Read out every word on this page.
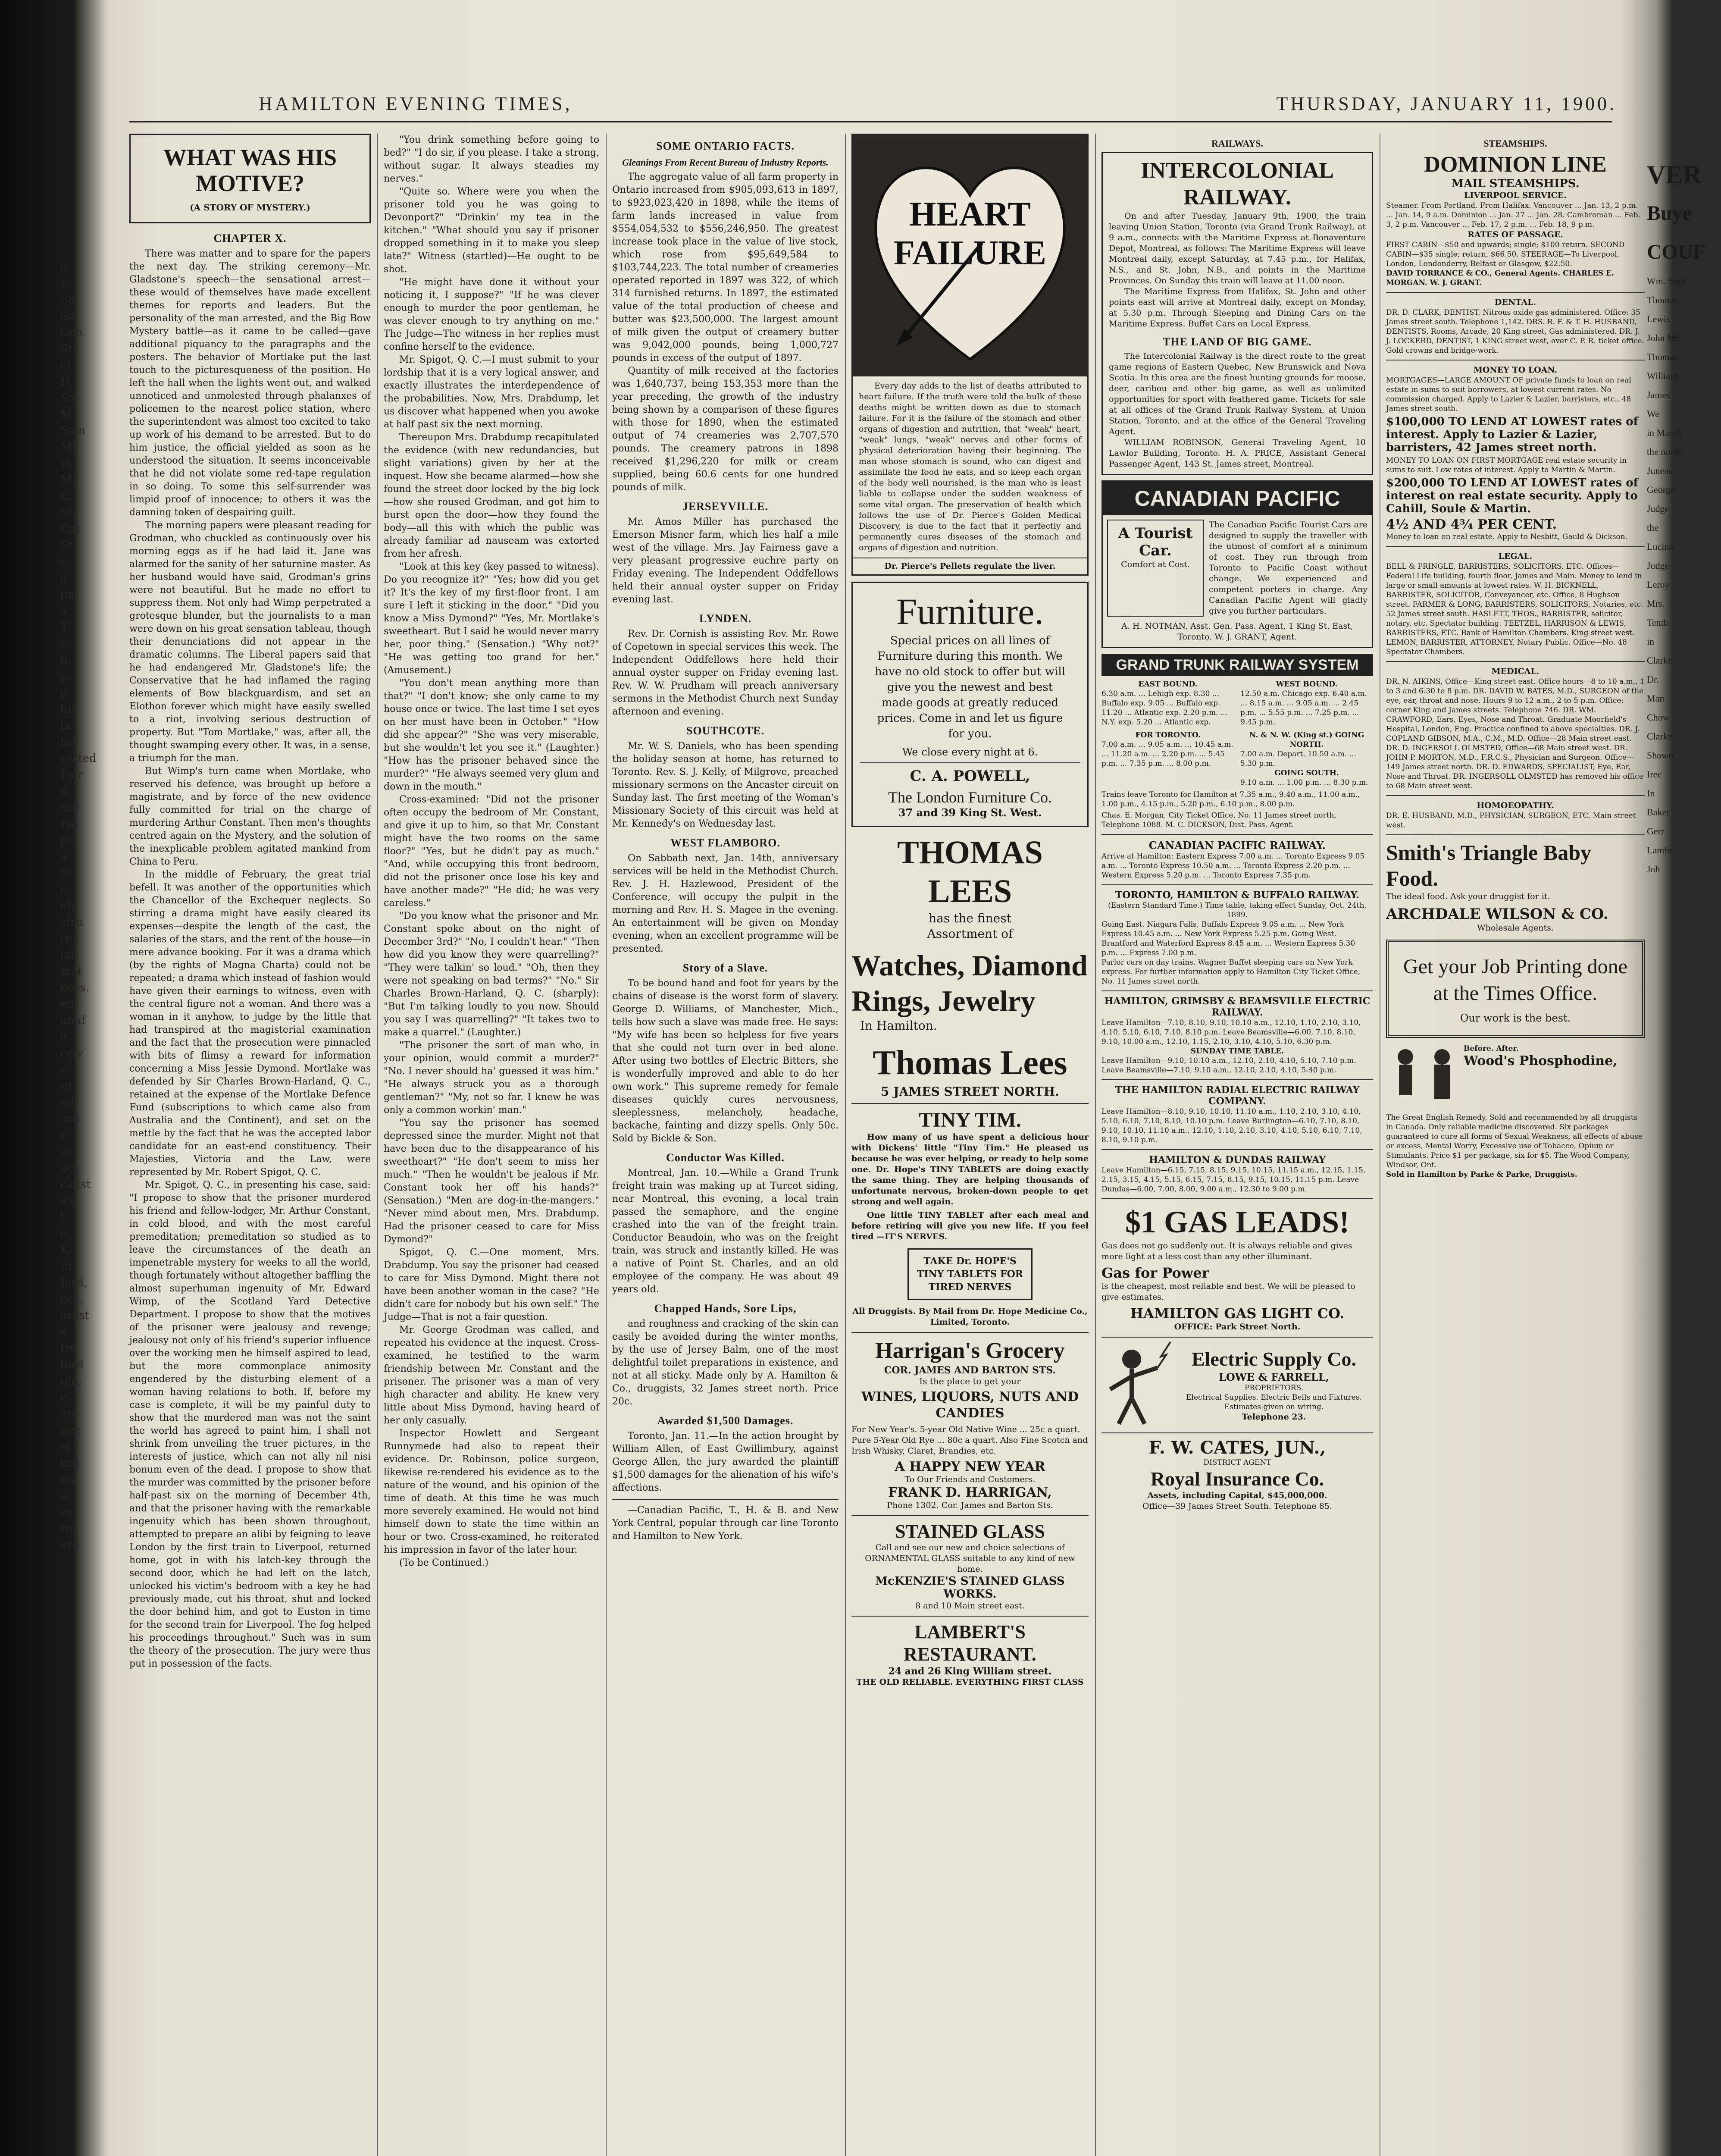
o
s.
Sa
Sa
Geo.
St.
el
H.
Su
M.
Sam
Mi
W.
M.
C.
St.
Cat
St.
s
d
pa
a
T.
s.
n,
p-
p
his
be
ful
rested
Fair
d.
ore
Fai
pe
a
to.
n,
eh.
stru
re
ial
mat
ness.
ed
anuf
e
ceiv
n
nf
ed
ord
r.
ac
uct
calist
e's
l
e
K-
tit
ford,
ork.
orest
e
tre
ford
gin,
e
an
nec
el
ind
nn
o,
es
ise
ors
HAMILTON EVENING TIMES,	THURSDAY, JANUARY 11, 1900.
WHAT WAS HIS MOTIVE?
(A STORY OF MYSTERY.)
CHAPTER X.

There was matter and to spare for the papers the next day. The striking ceremony—Mr. Gladstone's speech—the sensational arrest—these would of themselves have made excellent themes for reports and leaders. But the personality of the man arrested, and the Big Bow Mystery battle—as it came to be called—gave additional piquancy to the paragraphs and the posters. The behavior of Mortlake put the last touch to the picturesqueness of the position. He left the hall when the lights went out, and walked unnoticed and unmolested through phalanxes of policemen to the nearest police station, where the superintendent was almost too excited to take up work of his demand to be arrested. But to do him justice, the official yielded as soon as he understood the situation. It seems inconceivable that he did not violate some red-tape regulation in so doing. To some this self-surrender was limpid proof of innocence; to others it was the damning token of despairing guilt.

The morning papers were pleasant reading for Grodman, who chuckled as continuously over his morning eggs as if he had laid it. Jane was alarmed for the sanity of her saturnine master. As her husband would have said, Grodman's grins were not beautiful. But he made no effort to suppress them. Not only had Wimp perpetrated a grotesque blunder, but the journalists to a man were down on his great sensation tableau, though their denunciations did not appear in the dramatic columns. The Liberal papers said that he had endangered Mr. Gladstone's life; the Conservative that he had inflamed the raging elements of Bow blackguardism, and set an Elothon forever which might have easily swelled to a riot, involving serious destruction of property. But "Tom Mortlake," was, after all, the thought swamping every other. It was, in a sense, a triumph for the man.

But Wimp's turn came when Mortlake, who reserved his defence, was brought up before a magistrate, and by force of the new evidence fully committed for trial on the charge of murdering Arthur Constant. Then men's thoughts centred again on the Mystery, and the solution of the inexplicable problem agitated mankind from China to Peru.

In the middle of February, the great trial befell. It was another of the opportunities which the Chancellor of the Exchequer neglects. So stirring a drama might have easily cleared its expenses—despite the length of the cast, the salaries of the stars, and the rent of the house—in mere advance booking. For it was a drama which (by the rights of Magna Charta) could not be repeated; a drama which instead of fashion would have given their earnings to witness, even with the central figure not a woman. And there was a woman in it anyhow, to judge by the little that had transpired at the magisterial examination and the fact that the prosecution were pinnacled with bits of flimsy a reward for information concerning a Miss Jessie Dymond. Mortlake was defended by Sir Charles Brown-Harland, Q. C., retained at the expense of the Mortlake Defence Fund (subscriptions to which came also from Australia and the Continent), and set on the mettle by the fact that he was the accepted labor candidate for an east-end constituency. Their Majesties, Victoria and the Law, were represented by Mr. Robert Spigot, Q. C.

Mr. Spigot, Q. C., in presenting his case, said: "I propose to show that the prisoner murdered his friend and fellow-lodger, Mr. Arthur Constant, in cold blood, and with the most careful premeditation; premeditation so studied as to leave the circumstances of the death an impenetrable mystery for weeks to all the world, though fortunately without altogether baffling the almost superhuman ingenuity of Mr. Edward Wimp, of the Scotland Yard Detective Department. I propose to show that the motives of the prisoner were jealousy and revenge; jealousy not only of his friend's superior influence over the working men he himself aspired to lead, but the more commonplace animosity engendered by the disturbing element of a woman having relations to both. If, before my case is complete, it will be my painful duty to show that the murdered man was not the saint the world has agreed to paint him, I shall not shrink from unveiling the truer pictures, in the interests of justice, which can not ally nil nisi bonum even of the dead. I propose to show that the murder was committed by the prisoner before half-past six on the morning of December 4th, and that the prisoner having with the remarkable ingenuity which has been shown throughout, attempted to prepare an alibi by feigning to leave London by the first train to Liverpool, returned home, got in with his latch-key through the second door, which he had left on the latch, unlocked his victim's bedroom with a key he had previously made, cut his throat, shut and locked the door behind him, and got to Euston in time for the second train for Liverpool. The fog helped his proceedings throughout." Such was in sum the theory of the prosecution. The jury were thus put in possession of the facts.

"You drink something before going to bed?" "I do sir, if you please. I take a strong, without sugar. It always steadies my nerves."

"Quite so. Where were you when the prisoner told you he was going to Devonport?" "Drinkin' my tea in the kitchen." "What should you say if prisoner dropped something in it to make you sleep late?" Witness (startled)—He ought to be shot.

"He might have done it without your noticing it, I suppose?" "If he was clever enough to murder the poor gentleman, he was clever enough to try anything on me." The Judge—The witness in her replies must confine herself to the evidence.

Mr. Spigot, Q. C.—I must submit to your lordship that it is a very logical answer, and exactly illustrates the interdependence of the probabilities. Now, Mrs. Drabdump, let us discover what happened when you awoke at half past six the next morning.

Thereupon Mrs. Drabdump recapitulated the evidence (with new redundancies, but slight variations) given by her at the inquest. How she became alarmed—how she found the street door locked by the big lock—how she roused Grodman, and got him to burst open the door—how they found the body—all this with which the public was already familiar ad nauseam was extorted from her afresh.

"Look at this key (key passed to witness). Do you recognize it?" "Yes; how did you get it? It's the key of my first-floor front. I am sure I left it sticking in the door." "Did you know a Miss Dymond?" "Yes, Mr. Mortlake's sweetheart. But I said he would never marry her, poor thing." (Sensation.) "Why not?" "He was getting too grand for her." (Amusement.)

"You don't mean anything more than that?" "I don't know; she only came to my house once or twice. The last time I set eyes on her must have been in October." "How did she appear?" "She was very miserable, but she wouldn't let you see it." (Laughter.) "How has the prisoner behaved since the murder?" "He always seemed very glum and down in the mouth."

Cross-examined: "Did not the prisoner often occupy the bedroom of Mr. Constant, and give it up to him, so that Mr. Constant might have the two rooms on the same floor?" "Yes, but he didn't pay as much." "And, while occupying this front bedroom, did not the prisoner once lose his key and have another made?" "He did; he was very careless."

"Do you know what the prisoner and Mr. Constant spoke about on the night of December 3rd?" "No, I couldn't hear." "Then how did you know they were quarrelling?" "They were talkin' so loud." "Oh, then they were not speaking on bad terms?" "No." Sir Charles Brown-Harland, Q. C. (sharply): "But I'm talking loudly to you now. Should you say I was quarrelling?" "It takes two to make a quarrel." (Laughter.)

"The prisoner the sort of man who, in your opinion, would commit a murder?" "No. I never should ha' guessed it was him." "He always struck you as a thorough gentleman?" "My, not so far. I knew he was only a common workin' man."

"You say the prisoner has seemed depressed since the murder. Might not that have been due to the disappearance of his sweetheart?" "He don't seem to miss her much." "Then he wouldn't be jealous if Mr. Constant took her off his hands?" (Sensation.) "Men are dog-in-the-mangers." "Never mind about men, Mrs. Drabdump. Had the prisoner ceased to care for Miss Dymond?"

Spigot, Q. C.—One moment, Mrs. Drabdump. You say the prisoner had ceased to care for Miss Dymond. Might there not have been another woman in the case? "He didn't care for nobody but his own self." The Judge—That is not a fair question.

Mr. George Grodman was called, and repeated his evidence at the inquest. Cross-examined, he testified to the warm friendship between Mr. Constant and the prisoner. The prisoner was a man of very high character and ability. He knew very little about Miss Dymond, having heard of her only casually.

Inspector Howlett and Sergeant Runnymede had also to repeat their evidence. Dr. Robinson, police surgeon, likewise re-rendered his evidence as to the nature of the wound, and his opinion of the time of death. At this time he was much more severely examined. He would not bind himself down to state the time within an hour or two. Cross-examined, he reiterated his impression in favor of the later hour.

(To be Continued.)

SOME ONTARIO FACTS.
Gleanings From Recent Bureau of Industry Reports.

The aggregate value of all farm property in Ontario increased from $905,093,613 in 1897, to $923,023,420 in 1898, while the items of farm lands increased in value from $554,054,532 to $556,246,950. The greatest increase took place in the value of live stock, which rose from $95,649,584 to $103,744,223. The total number of creameries operated reported in 1897 was 322, of which 314 furnished returns. In 1897, the estimated value of the total production of cheese and butter was $23,500,000. The largest amount of milk given the output of creamery butter was 9,042,000 pounds, being 1,000,727 pounds in excess of the output of 1897.

Quantity of milk received at the factories was 1,640,737, being 153,353 more than the year preceding, the growth of the industry being shown by a comparison of these figures with those for 1890, when the estimated output of 74 creameries was 2,707,570 pounds. The creamery patrons in 1898 received $1,296,220 for milk or cream supplied, being 60.6 cents for one hundred pounds of milk.

JERSEYVILLE.

Mr. Amos Miller has purchased the Emerson Misner farm, which lies half a mile west of the village. Mrs. Jay Fairness gave a very pleasant progressive euchre party on Friday evening. The Independent Oddfellows held their annual oyster supper on Friday evening last.

LYNDEN.

Rev. Dr. Cornish is assisting Rev. Mr. Rowe of Copetown in special services this week. The Independent Oddfellows here held their annual oyster supper on Friday evening last. Rev. W. W. Prudham will preach anniversary sermons in the Methodist Church next Sunday afternoon and evening.

SOUTHCOTE.

Mr. W. S. Daniels, who has been spending the holiday season at home, has returned to Toronto. Rev. S. J. Kelly, of Milgrove, preached missionary sermons on the Ancaster circuit on Sunday last. The first meeting of the Woman's Missionary Society of this circuit was held at Mr. Kennedy's on Wednesday last.

WEST FLAMBORO.

On Sabbath next, Jan. 14th, anniversary services will be held in the Methodist Church. Rev. J. H. Hazlewood, President of the Conference, will occupy the pulpit in the morning and Rev. H. S. Magee in the evening. An entertainment will be given on Monday evening, when an excellent programme will be presented.

Story of a Slave.

To be bound hand and foot for years by the chains of disease is the worst form of slavery. George D. Williams, of Manchester, Mich., tells how such a slave was made free. He says: "My wife has been so helpless for five years that she could not turn over in bed alone. After using two bottles of Electric Bitters, she is wonderfully improved and able to do her own work." This supreme remedy for female diseases quickly cures nervousness, sleeplessness, melancholy, headache, backache, fainting and dizzy spells. Only 50c. Sold by Bickle & Son.

Conductor Was Killed.

Montreal, Jan. 10.—While a Grand Trunk freight train was making up at Turcot siding, near Montreal, this evening, a local train passed the semaphore, and the engine crashed into the van of the freight train. Conductor Beaudoin, who was on the freight train, was struck and instantly killed. He was a native of Point St. Charles, and an old employee of the company. He was about 49 years old.

Chapped Hands, Sore Lips,

and roughness and cracking of the skin can easily be avoided during the winter months, by the use of Jersey Balm, one of the most delightful toilet preparations in existence, and not at all sticky. Made only by A. Hamilton & Co., druggists, 32 James street north. Price 20c.

Awarded $1,500 Damages.

Toronto, Jan. 11.—In the action brought by William Allen, of East Gwillimbury, against George Allen, the jury awarded the plaintiff $1,500 damages for the alienation of his wife's affections.

—Canadian Pacific, T., H. & B. and New York Central, popular through car line Toronto and Hamilton to New York.

HEART
FAILURE

Every day adds to the list of deaths attributed to heart failure. If the truth were told the bulk of these deaths might be written down as due to stomach failure. For it is the failure of the stomach and other organs of digestion and nutrition, that "weak" heart, "weak" lungs, "weak" nerves and other forms of physical deterioration having their beginning. The man whose stomach is sound, who can digest and assimilate the food he eats, and so keep each organ of the body well nourished, is the man who is least liable to collapse under the sudden weakness of some vital organ. The preservation of health which follows the use of Dr. Pierce's Golden Medical Discovery, is due to the fact that it perfectly and permanently cures diseases of the stomach and organs of digestion and nutrition.

Dr. Pierce's Pellets regulate the liver.
Furniture.
Special prices on all lines of Furniture during this month. We have no old stock to offer but will give you the newest and best made goods at greatly reduced prices. Come in and let us figure for you.
We close every night at 6.
C. A. POWELL,
The London Furniture Co.
37 and 39 King St. West.
THOMAS LEES
has the finest Assortment of
Watches, Diamond Rings, Jewelry
In Hamilton.
Thomas Lees
5 JAMES STREET NORTH.
TINY TIM.

How many of us have spent a delicious hour with Dickens' little "Tiny Tim." He pleased us because he was ever helping, or ready to help some one. Dr. Hope's TINY TABLETS are doing exactly the same thing. They are helping thousands of unfortunate nervous, broken-down people to get strong and well again.

One little TINY TABLET after each meal and before retiring will give you new life. If you feel tired —IT'S NERVES.

TAKE Dr. HOPE'S TINY TABLETS FOR TIRED NERVES
All Druggists. By Mail from Dr. Hope Medicine Co., Limited, Toronto.
Harrigan's Grocery
COR. JAMES AND BARTON STS.
Is the place to get your
WINES, LIQUORS, NUTS AND CANDIES
For New Year's. 5-year Old Native Wine ... 25c a quart. Pure 5-Year Old Rye ... 80c a quart. Also Fine Scotch and Irish Whisky, Claret, Brandies, etc.
A HAPPY NEW YEAR
To Our Friends and Customers.
FRANK D. HARRIGAN,
Phone 1302. Cor. James and Barton Sts.
STAINED GLASS
Call and see our new and choice selections of ORNAMENTAL GLASS suitable to any kind of new home.
McKENZIE'S STAINED GLASS WORKS.
8 and 10 Main street east.
LAMBERT'S RESTAURANT.
24 and 26 King William street.
THE OLD RELIABLE. EVERYTHING FIRST CLASS
RAILWAYS.
INTERCOLONIAL RAILWAY.

On and after Tuesday, January 9th, 1900, the train leaving Union Station, Toronto (via Grand Trunk Railway), at 9 a.m., connects with the Maritime Express at Bonaventure Depot, Montreal, as follows: The Maritime Express will leave Montreal daily, except Saturday, at 7.45 p.m., for Halifax, N.S., and St. John, N.B., and points in the Maritime Provinces. On Sunday this train will leave at 11.00 noon.

The Maritime Express from Halifax, St. John and other points east will arrive at Montreal daily, except on Monday, at 5.30 p.m. Through Sleeping and Dining Cars on the Maritime Express. Buffet Cars on Local Express.

THE LAND OF BIG GAME.

The Intercolonial Railway is the direct route to the great game regions of Eastern Quebec, New Brunswick and Nova Scotia. In this area are the finest hunting grounds for moose, deer, caribou and other big game, as well as unlimited opportunities for sport with feathered game. Tickets for sale at all offices of the Grand Trunk Railway System, at Union Station, Toronto, and at the office of the General Traveling Agent.

WILLIAM ROBINSON, General Traveling Agent, 10 Lawlor Building, Toronto. H. A. PRICE, Assistant General Passenger Agent, 143 St. James street, Montreal.

CANADIAN PACIFIC
A Tourist Car.
Comfort at Cost.
The Canadian Pacific Tourist Cars are designed to supply the traveller with the utmost of comfort at a minimum of cost. They run through from Toronto to Pacific Coast without change. We experienced and competent porters in charge. Any Canadian Pacific Agent will gladly give you further particulars.
A. H. NOTMAN, Asst. Gen. Pass. Agent, 1 King St. East, Toronto. W. J. GRANT, Agent.
GRAND TRUNK RAILWAY SYSTEM
EAST BOUND.
6.30 a.m. ... Lehigh exp. 8.30 ... Buffalo exp. 9.05 ... Buffalo exp. 11.20 ... Atlantic exp. 2.20 p.m. ... N.Y. exp. 5.20 ... Atlantic exp.
FOR TORONTO.
7.00 a.m. ... 9.05 a.m. ... 10.45 a.m. ... 11.20 a.m. ... 2.20 p.m. ... 5.45 p.m. ... 7.35 p.m. ... 8.00 p.m.
WEST BOUND.
12.50 a.m. Chicago exp. 6.40 a.m. ... 8.15 a.m. ... 9.05 a.m. ... 2.45 p.m. ... 5.55 p.m. ... 7.25 p.m. ... 9.45 p.m.
N. & N. W. (King st.) GOING NORTH.
7.00 a.m. Depart. 10.50 a.m. ... 5.30 p.m.
GOING SOUTH.
9.10 a.m. ... 1.00 p.m. ... 8.30 p.m.
Trains leave Toronto for Hamilton at 7.35 a.m., 9.40 a.m., 11.00 a.m., 1.00 p.m., 4.15 p.m., 5.20 p.m., 6.10 p.m., 8.00 p.m.
Chas. E. Morgan, City Ticket Office, No. 11 James street north, Telephone 1088. M. C. DICKSON, Dist. Pass. Agent.
CANADIAN PACIFIC RAILWAY.
Arrive at Hamilton: Eastern Express 7.00 a.m. ... Toronto Express 9.05 a.m. ... Toronto Express 10.50 a.m. ... Toronto Express 2.20 p.m. ... Western Express 5.20 p.m. ... Toronto Express 7.35 p.m.
TORONTO, HAMILTON & BUFFALO RAILWAY.
(Eastern Standard Time.) Time table, taking effect Sunday, Oct. 24th, 1899.
Going East. Niagara Falls, Buffalo Express 9.05 a.m. ... New York Express 10.45 a.m. ... New York Express 5.25 p.m. Going West. Brantford and Waterford Express 8.45 a.m. ... Western Express 5.30 p.m. ... Express 7.00 p.m.
Parlor cars on day trains. Wagner Buffet sleeping cars on New York express. For further information apply to Hamilton City Ticket Office, No. 11 James street north.
HAMILTON, GRIMSBY & BEAMSVILLE ELECTRIC RAILWAY.
Leave Hamilton—7.10, 8.10, 9.10, 10.10 a.m., 12.10, 1.10, 2.10, 3.10, 4.10, 5.10, 6.10, 7.10, 8.10 p.m. Leave Beamsville—6.00, 7.10, 8.10, 9.10, 10.00 a.m., 12.10, 1.15, 2.10, 3.10, 4.10, 5.10, 6.30 p.m.
SUNDAY TIME TABLE.
Leave Hamilton—9.10, 10.10 a.m., 12.10, 2.10, 4.10, 5.10, 7.10 p.m. Leave Beamsville—7.10, 9.10 a.m., 12.10, 2.10, 4.10, 5.40 p.m.
THE HAMILTON RADIAL ELECTRIC RAILWAY COMPANY.
Leave Hamilton—8.10, 9.10, 10.10, 11.10 a.m., 1.10, 2.10, 3.10, 4.10, 5.10, 6.10, 7.10, 8.10, 10.10 p.m. Leave Burlington—6.10, 7.10, 8.10, 9.10, 10.10, 11.10 a.m., 12.10, 1.10, 2.10, 3.10, 4.10, 5.10, 6.10, 7.10, 8.10, 9.10 p.m.
HAMILTON & DUNDAS RAILWAY
Leave Hamilton—6.15, 7.15, 8.15, 9.15, 10.15, 11.15 a.m., 12.15, 1.15, 2.15, 3.15, 4.15, 5.15, 6.15, 7.15, 8.15, 9.15, 10.15, 11.15 p.m. Leave Dundas—6.00, 7.00, 8.00, 9.00 a.m., 12.30 to 9.00 p.m.
$1 GAS LEADS!
Gas does not go suddenly out. It is always reliable and gives more light at a less cost than any other illuminant.
Gas for Power
is the cheapest, most reliable and best. We will be pleased to give estimates.
HAMILTON GAS LIGHT CO.
OFFICE: Park Street North.
Electric Supply Co.
LOWE & FARRELL,
PROPRIETORS.
Electrical Supplies. Electric Bells and Fixtures. Estimates given on wiring.
Telephone 23.
F. W. CATES, JUN.,
DISTRICT AGENT
Royal Insurance Co.
Assets, including Capital, $45,000,000.
Office—39 James Street South. Telephone 85.
STEAMSHIPS.
DOMINION LINE
MAIL STEAMSHIPS.
LIVERPOOL SERVICE.
Steamer. From Portland. From Halifax. Vancouver ... Jan. 13, 2 p.m. ... Jan. 14, 9 a.m. Dominion ... Jan. 27 ... Jan. 28. Cambroman ... Feb. 3, 2 p.m. Vancouver ... Feb. 17, 2 p.m. ... Feb. 18, 9 p.m.
RATES OF PASSAGE.
FIRST CABIN—$50 and upwards; single; $100 return. SECOND CABIN—$35 single; return, $66.50. STEERAGE—To Liverpool, London, Londonderry, Belfast or Glasgow, $22.50.
DAVID TORRANCE & CO., General Agents. CHARLES E. MORGAN. W. J. GRANT.
DENTAL.
DR. D. CLARK, DENTIST. Nitrous oxide gas administered. Office: 35 James street south. Telephone 1,142. DRS. R. F. & T. H. HUSBAND, DENTISTS, Rooms, Arcade, 20 King street, Gas administered. DR. J. J. LOCKERD, DENTIST, 1 KING street west, over C. P. R. ticket office. Gold crowns and bridge-work.
MONEY TO LOAN.
MORTGAGES—LARGE AMOUNT OF private funds to loan on real estate in sums to suit borrowers, at lowest current rates. No commission charged. Apply to Lazier & Lazier, barristers, etc., 48 James street south.
$100,000 TO LEND AT LOWEST rates of interest. Apply to Lazier & Lazier, barristers, 42 James street north.
MONEY TO LOAN ON FIRST MORTGAGE real estate security in sums to suit. Low rates of interest. Apply to Martin & Martin.
$200,000 TO LEND AT LOWEST rates of interest on real estate security. Apply to Cahill, Soule & Martin.
4½ AND 4¾ PER CENT.
Money to loan on real estate. Apply to Nesbitt, Gauld & Dickson.
LEGAL.
BELL & PRINGLE, BARRISTERS, SOLICITORS, ETC. Offices—Federal Life building, fourth floor, James and Main. Money to lend in large or small amounts at lowest rates. W. H. BICKNELL, BARRISTER, SOLICITOR, Conveyancer, etc. Office, 8 Hughson street. FARMER & LONG, BARRISTERS, SOLICITORS, Notaries, etc. 52 James street south. HASLETT, THOS., BARRISTER, solicitor, notary, etc. Spectator building. TEETZEL, HARRISON & LEWIS, BARRISTERS, ETC. Bank of Hamilton Chambers. King street west. LEMON, BARRISTER, ATTORNEY, Notary Public. Office—No. 48 Spectator Chambers.
MEDICAL.
DR. N. AIKINS, Office—King street east. Office hours—8 to 10 a.m., 1 to 3 and 6.30 to 8 p.m. DR. DAVID W. BATES, M.D., SURGEON of the eye, ear, throat and nose. Hours 9 to 12 a.m., 2 to 5 p.m. Office: corner King and James streets. Telephone 746. DR. WM. CRAWFORD, Ears, Eyes, Nose and Throat. Graduate Moorfield's Hospital, London, Eng. Practice confined to above specialties. DR. J. COPLAND GIBSON, M.A., C.M., M.D. Office—28 Main street east. DR. D. INGERSOLL OLMSTED, Office—68 Main street west. DR. JOHN P. MORTON, M.D., F.R.C.S., Physician and Surgeon. Office—149 James street north. DR. D. EDWARDS, SPECIALIST, Eye, Ear, Nose and Throat. DR. INGERSOLL OLMSTED has removed his office to 68 Main street west.
HOMOEOPATHY.
DR. E. HUSBAND, M.D., PHYSICIAN, SURGEON, ETC. Main street west.
Smith's Triangle Baby Food.
The ideal food. Ask your druggist for it.
ARCHDALE WILSON & CO.
Wholesale Agents.
Get your Job Printing done at the Times Office.
Our work is the best.
Before. After.
Wood's Phosphodine,
The Great English Remedy. Sold and recommended by all druggists in Canada. Only reliable medicine discovered. Six packages guaranteed to cure all forms of Sexual Weakness, all effects of abuse or excess, Mental Worry, Excessive use of Tobacco, Opium or Stimulants. Price $1 per package, six for $5. The Wood Company, Windsor, Ont.
Sold in Hamilton by Parke & Parke, Druggists.
VER
Buye
COUF
Wm. Smit
Thomas
Lewis
John Mc
Thomas
William
James
We
in March
the north
Juneau
George
Judge
the
Lucina
Judge
Leroy
Mrs.
Tenth
in
Clarke
Dr.
Man
Chow
Clarke
Shown
Irec
In
Baker
Gerr
Lambs
Joh
